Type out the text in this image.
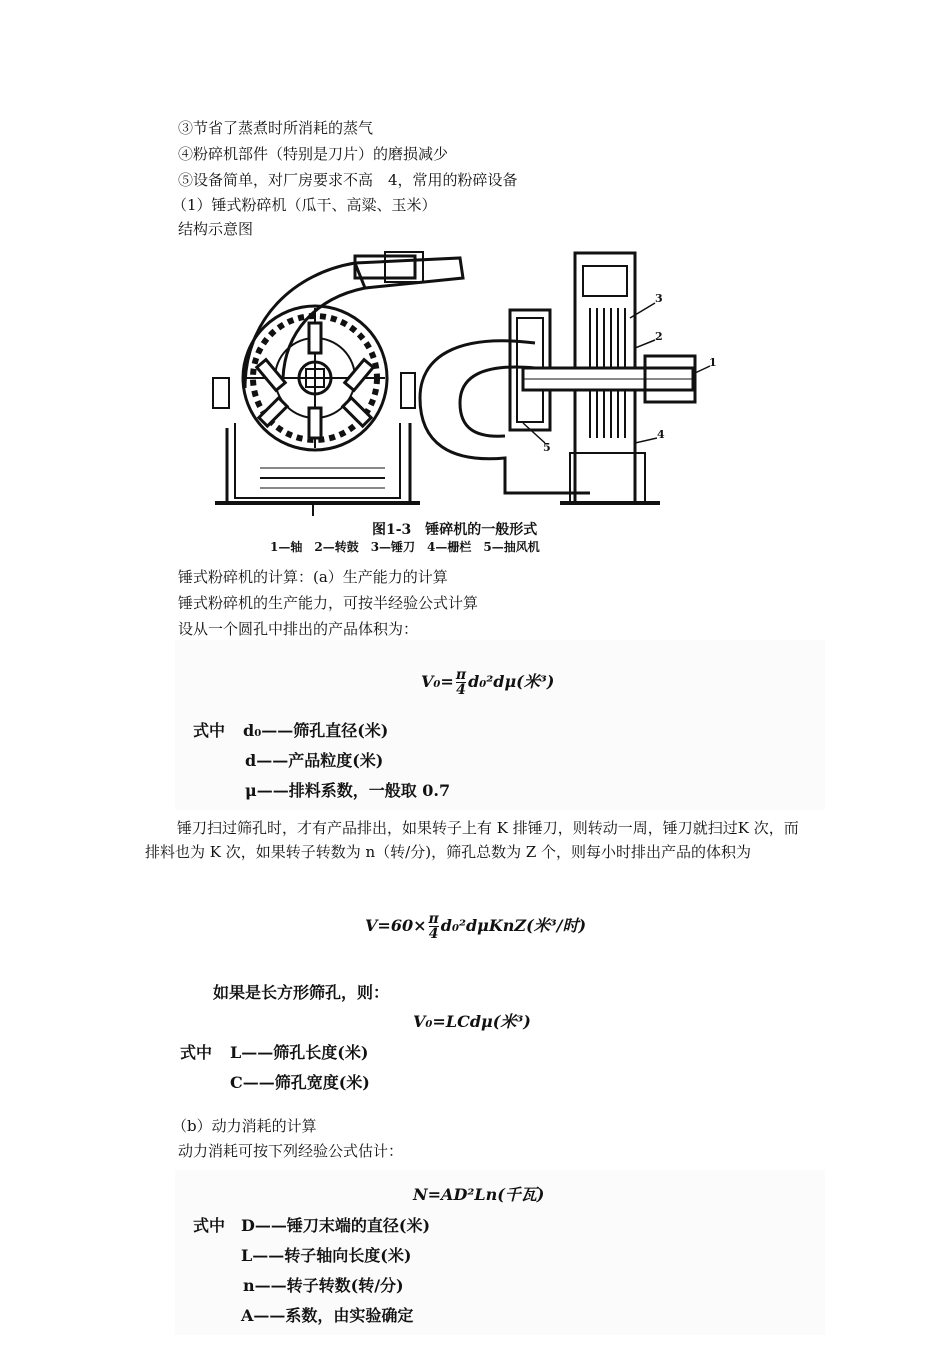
③节省了蒸煮时所消耗的蒸气
④粉碎机部件（特别是刀片）的磨损减少
⑤设备简单，对厂房要求不高　4，常用的粉碎设备
（1）锤式粉碎机（瓜干、高粱、玉米）
结构示意图
3
2
1
5
4
图1-3　锤碎机的一般形式
1—轴　2—转鼓　3—锤刀　4—栅栏　5—抽风机
锤式粉碎机的计算：(a）生产能力的计算
锤式粉碎机的生产能力，可按半经验公式计算
设从一个圆孔中排出的产品体积为：
$V_0= \frac{\pi}{4} d_0^2d\mu$(米³)
式中 d₀——筛孔直径(米)
d——产品粒度(米)
μ——排料系数，一般取 0.7
锤刀扫过筛孔时，才有产品排出，如果转子上有 K 排锤刀，则转动一周，锤刀就扫过K 次，而排料也为 K 次，如果转子转数为 n（转/分)，筛孔总数为 Z 个，则每小时排出产品的体积为
$V=60\times \frac{\pi}{4} d_0^2d\mu KnZ$(米³/时)
如果是长方形筛孔，则：
V₀=LCdμ(米³)
式中 L——筛孔长度(米)
C——筛孔宽度(米)
（b）动力消耗的计算
动力消耗可按下列经验公式估计：
N=AD²Ln(千瓦)
式中 D——锤刀末端的直径(米)
L——转子轴向长度(米)
n——转子转数(转/分)
A——系数，由实验确定
